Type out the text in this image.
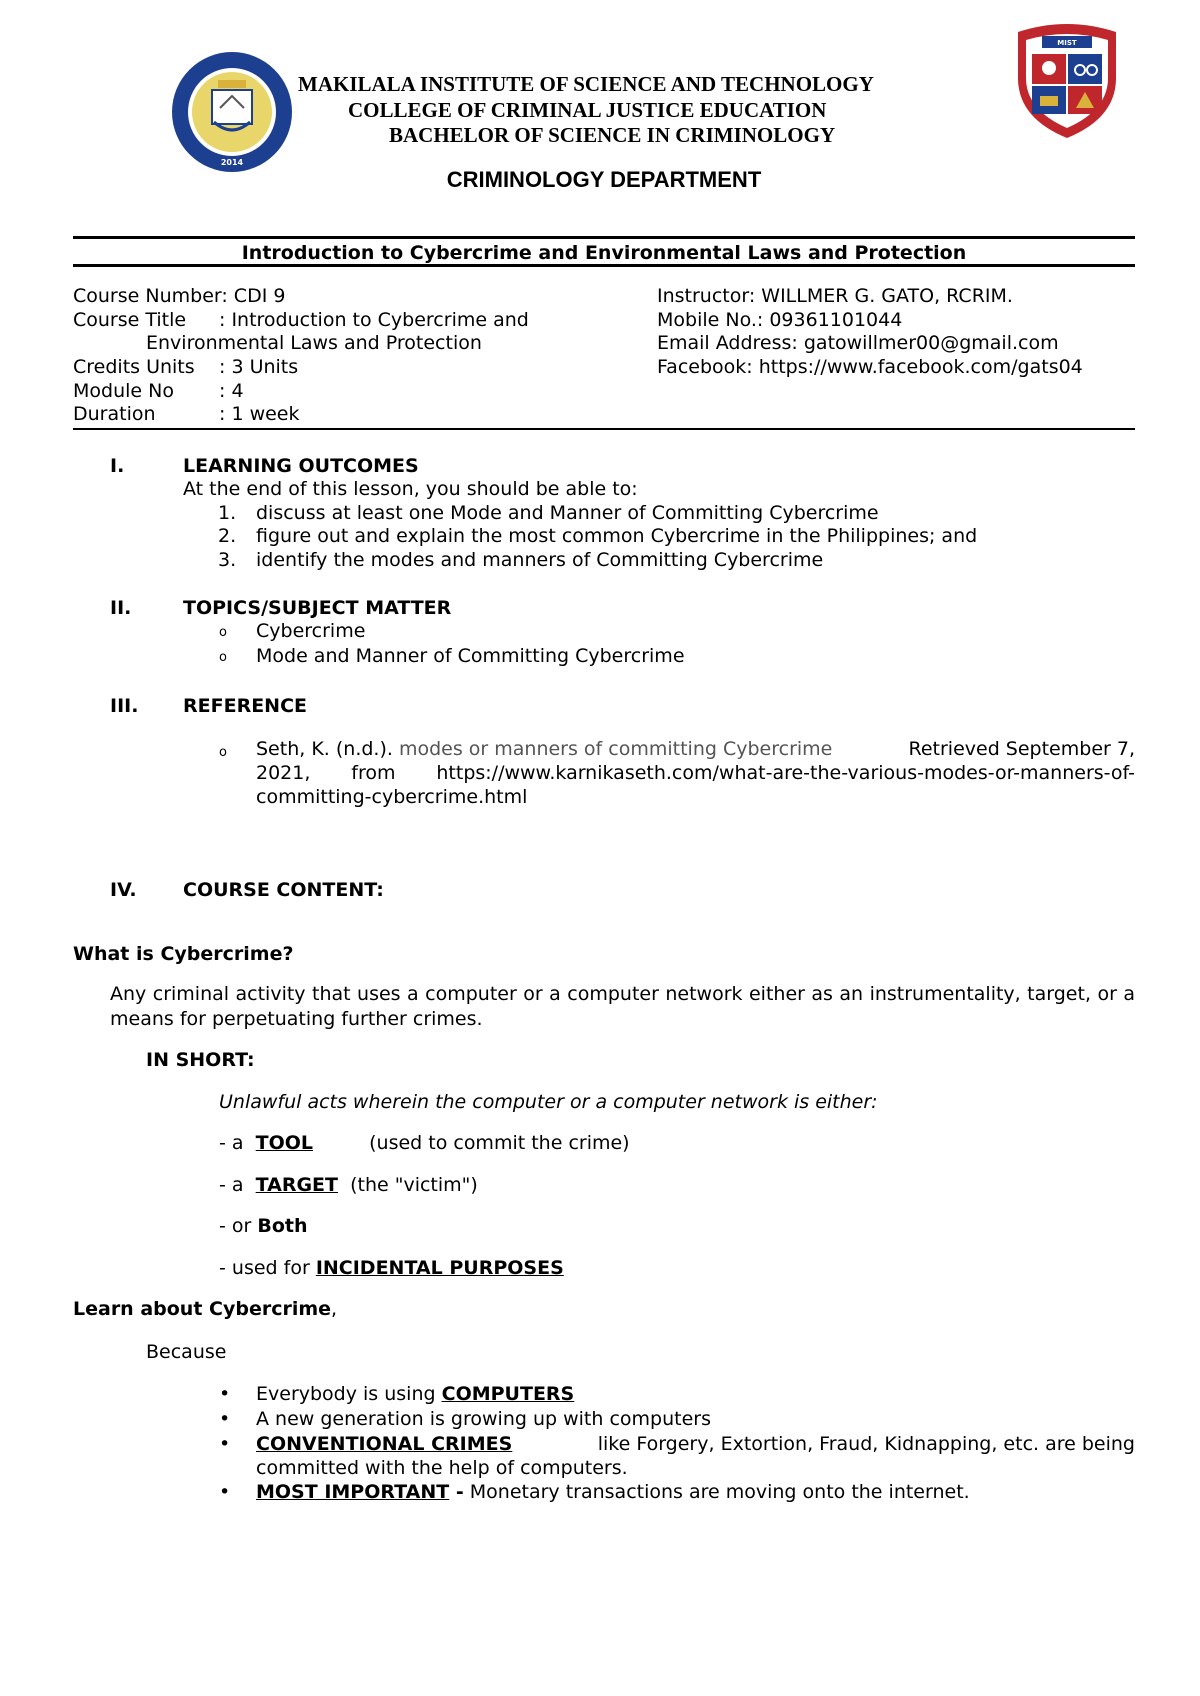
2014
MIST
MAKILALA INSTITUTE OF SCIENCE AND TECHNOLOGY
COLLEGE OF CRIMINAL JUSTICE EDUCATION
BACHELOR OF SCIENCE IN CRIMINOLOGY
CRIMINOLOGY DEPARTMENT
Introduction to Cybercrime and Environmental Laws and Protection
Course Number: CDI 9
Course Title : Introduction to Cybercrime and
Environmental Laws and Protection
Credits Units : 3 Units
Module No : 4
Duration	: 1 week
Instructor: WILLMER G. GATO, RCRIM.
Mobile No.: 09361101044
Email Address: gatowillmer00@gmail.com
Facebook: https://www.facebook.com/gats04
I.	LEARNING OUTCOMES
At the end of this lesson, you should be able to:
1. discuss at least one Mode and Manner of Committing Cybercrime
2. figure out and explain the most common Cybercrime in the Philippines; and
3. identify the modes and manners of Committing Cybercrime
II.	TOPICS/SUBJECT MATTER
o Cybercrime
o Mode and Manner of Committing Cybercrime
III. REFERENCE
o Seth, K. (n.d.). modes or manners of committing Cybercrime	Retrieved September 7,
2021, from https://www.karnikaseth.com/what-are-the-various-modes-or-manners-of-
committing-cybercrime.html
IV. COURSE CONTENT:
What is Cybercrime?
Any criminal activity that uses a computer or a computer network either as an instrumentality, target, or a means for perpetuating further crimes.
IN SHORT:
Unlawful acts wherein the computer or a computer network is either:
- a TOOL	(used to commit the crime)
- a TARGET (the "victim")
- or Both
- used for INCIDENTAL PURPOSES
Learn about Cybercrime,
Because
• Everybody is using COMPUTERS
• A new generation is growing up with computers
• CONVENTIONAL CRIMES	like Forgery, Extortion, Fraud, Kidnapping, etc. are being
committed with the help of computers.
• MOST IMPORTANT - Monetary transactions are moving onto the internet.
